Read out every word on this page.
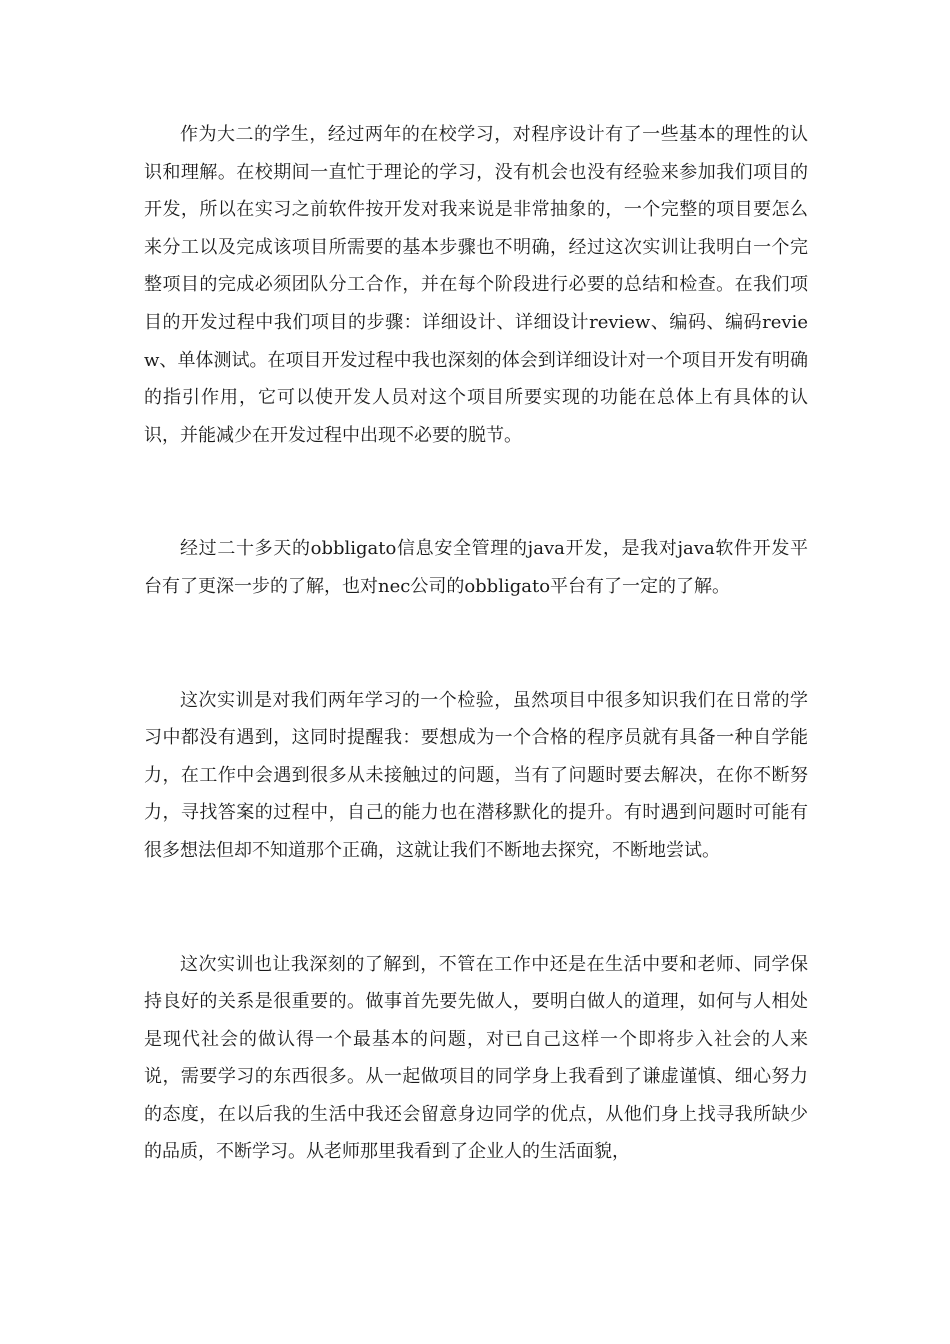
作为大二的学生，经过两年的在校学习，对程序设计有了一些基本的理性的认识和理解。在校期间一直忙于理论的学习，没有机会也没有经验来参加我们项目的开发，所以在实习之前软件按开发对我来说是非常抽象的，一个完整的项目要怎么来分工以及完成该项目所需要的基本步骤也不明确，经过这次实训让我明白一个完整项目的完成必须团队分工合作，并在每个阶段进行必要的总结和检查。在我们项目的开发过程中我们项目的步骤：详细设计、详细设计review、编码、编码review、单体测试。在项目开发过程中我也深刻的体会到详细设计对一个项目开发有明确的指引作用，它可以使开发人员对这个项目所要实现的功能在总体上有具体的认识，并能减少在开发过程中出现不必要的脱节。

经过二十多天的obbligato信息安全管理的java开发，是我对java软件开发平台有了更深一步的了解，也对nec公司的obbligato平台有了一定的了解。

这次实训是对我们两年学习的一个检验，虽然项目中很多知识我们在日常的学习中都没有遇到，这同时提醒我：要想成为一个合格的程序员就有具备一种自学能力，在工作中会遇到很多从未接触过的问题，当有了问题时要去解决，在你不断努力，寻找答案的过程中，自己的能力也在潜移默化的提升。有时遇到问题时可能有很多想法但却不知道那个正确，这就让我们不断地去探究，不断地尝试。

这次实训也让我深刻的了解到，不管在工作中还是在生活中要和老师、同学保持良好的关系是很重要的。做事首先要先做人，要明白做人的道理，如何与人相处是现代社会的做认得一个最基本的问题，对已自己这样一个即将步入社会的人来说，需要学习的东西很多。从一起做项目的同学身上我看到了谦虚谨慎、细心努力的态度，在以后我的生活中我还会留意身边同学的优点，从他们身上找寻我所缺少的品质，不断学习。从老师那里我看到了企业人的生活面貌，
